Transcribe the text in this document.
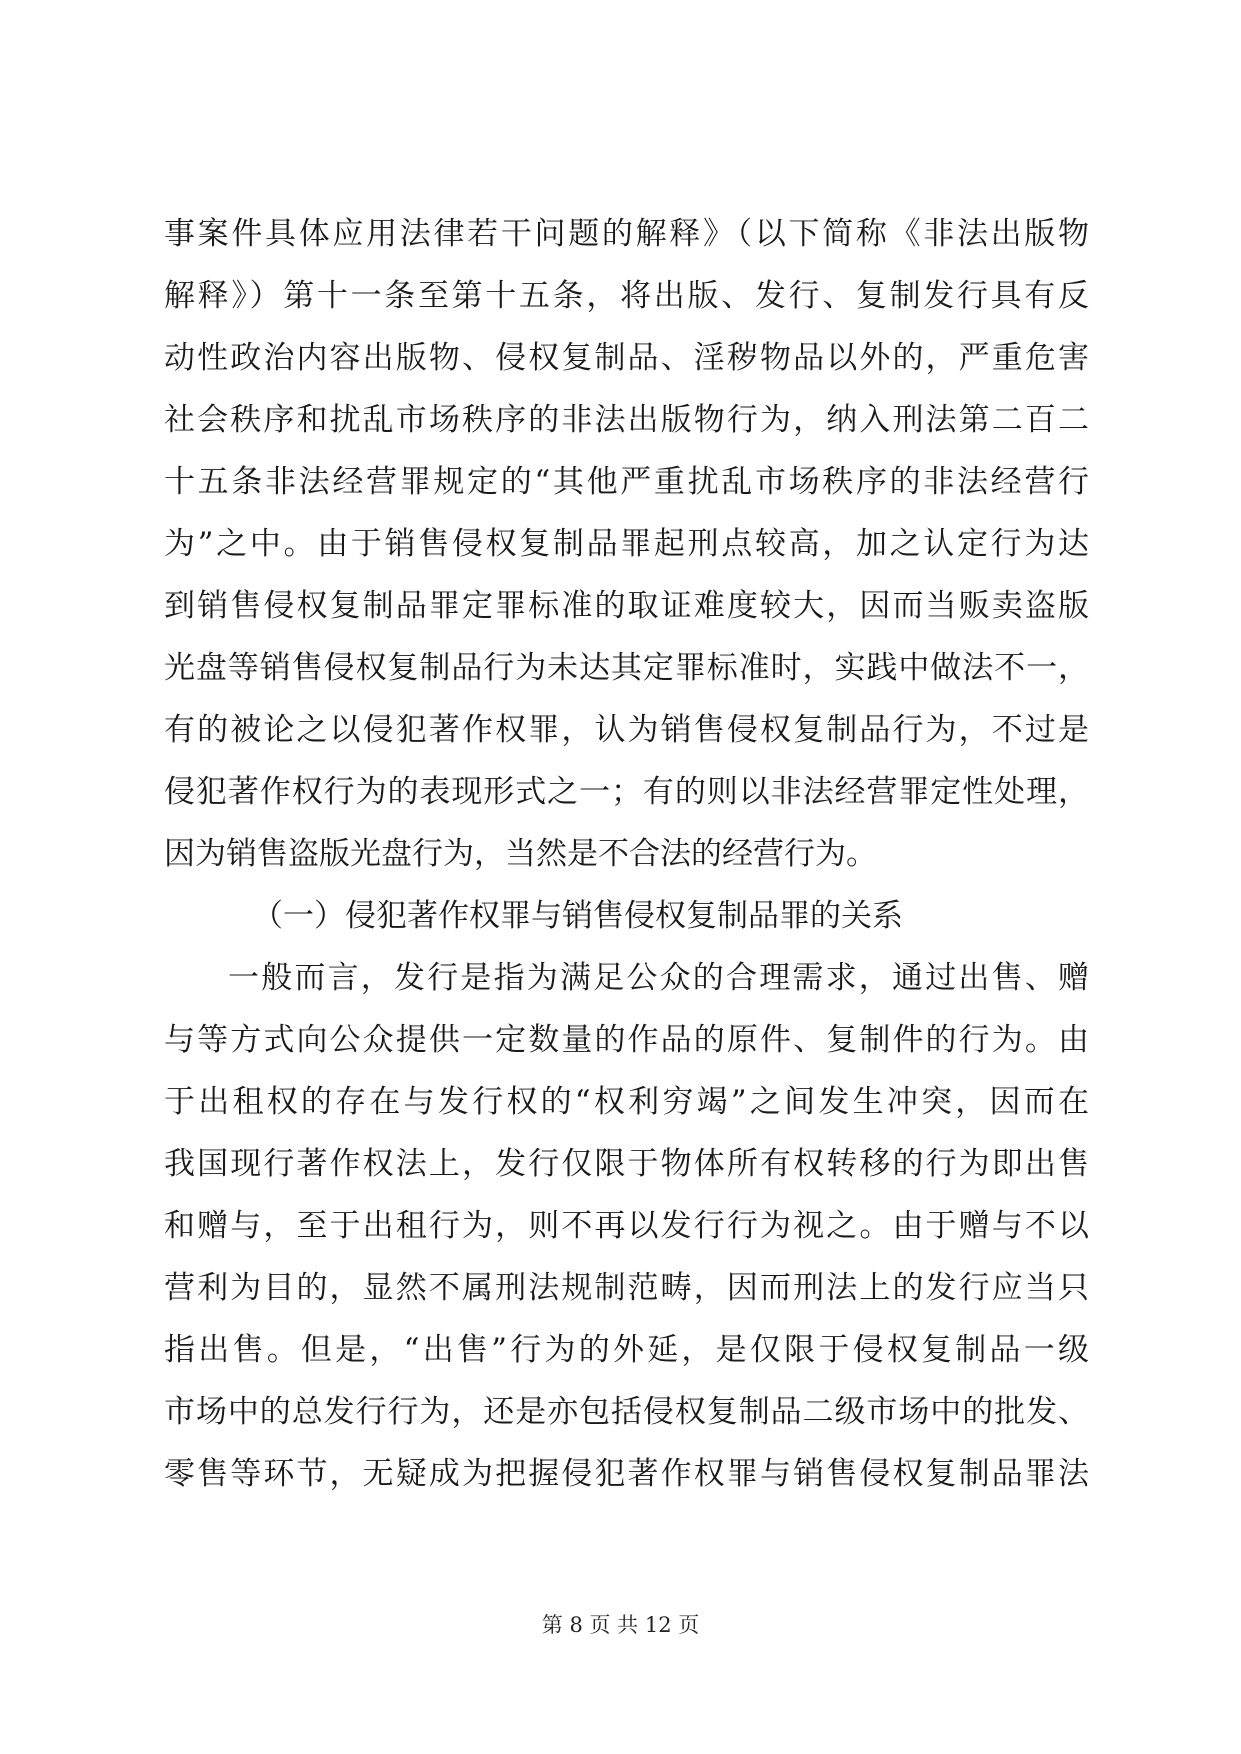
事案件具体应用法律若干问题的解释》（以下简称《非法出版物
解释》）第十一条至第十五条，将出版、发行、复制发行具有反
动性政治内容出版物、侵权复制品、淫秽物品以外的，严重危害
社会秩序和扰乱市场秩序的非法出版物行为，纳入刑法第二百二
十五条非法经营罪规定的“其他严重扰乱市场秩序的非法经营行
为”之中。由于销售侵权复制品罪起刑点较高，加之认定行为达
到销售侵权复制品罪定罪标准的取证难度较大，因而当贩卖盗版
光盘等销售侵权复制品行为未达其定罪标准时，实践中做法不一，
有的被论之以侵犯著作权罪，认为销售侵权复制品行为，不过是
侵犯著作权行为的表现形式之一；有的则以非法经营罪定性处理，
因为销售盗版光盘行为，当然是不合法的经营行为。
（一）侵犯著作权罪与销售侵权复制品罪的关系
一般而言，发行是指为满足公众的合理需求，通过出售、赠
与等方式向公众提供一定数量的作品的原件、复制件的行为。由
于出租权的存在与发行权的“权利穷竭”之间发生冲突，因而在
我国现行著作权法上，发行仅限于物体所有权转移的行为即出售
和赠与，至于出租行为，则不再以发行行为视之。由于赠与不以
营利为目的，显然不属刑法规制范畴，因而刑法上的发行应当只
指出售。但是，“出售”行为的外延，是仅限于侵权复制品一级
市场中的总发行行为，还是亦包括侵权复制品二级市场中的批发、
零售等环节，无疑成为把握侵犯著作权罪与销售侵权复制品罪法
第 8 页 共 12 页
